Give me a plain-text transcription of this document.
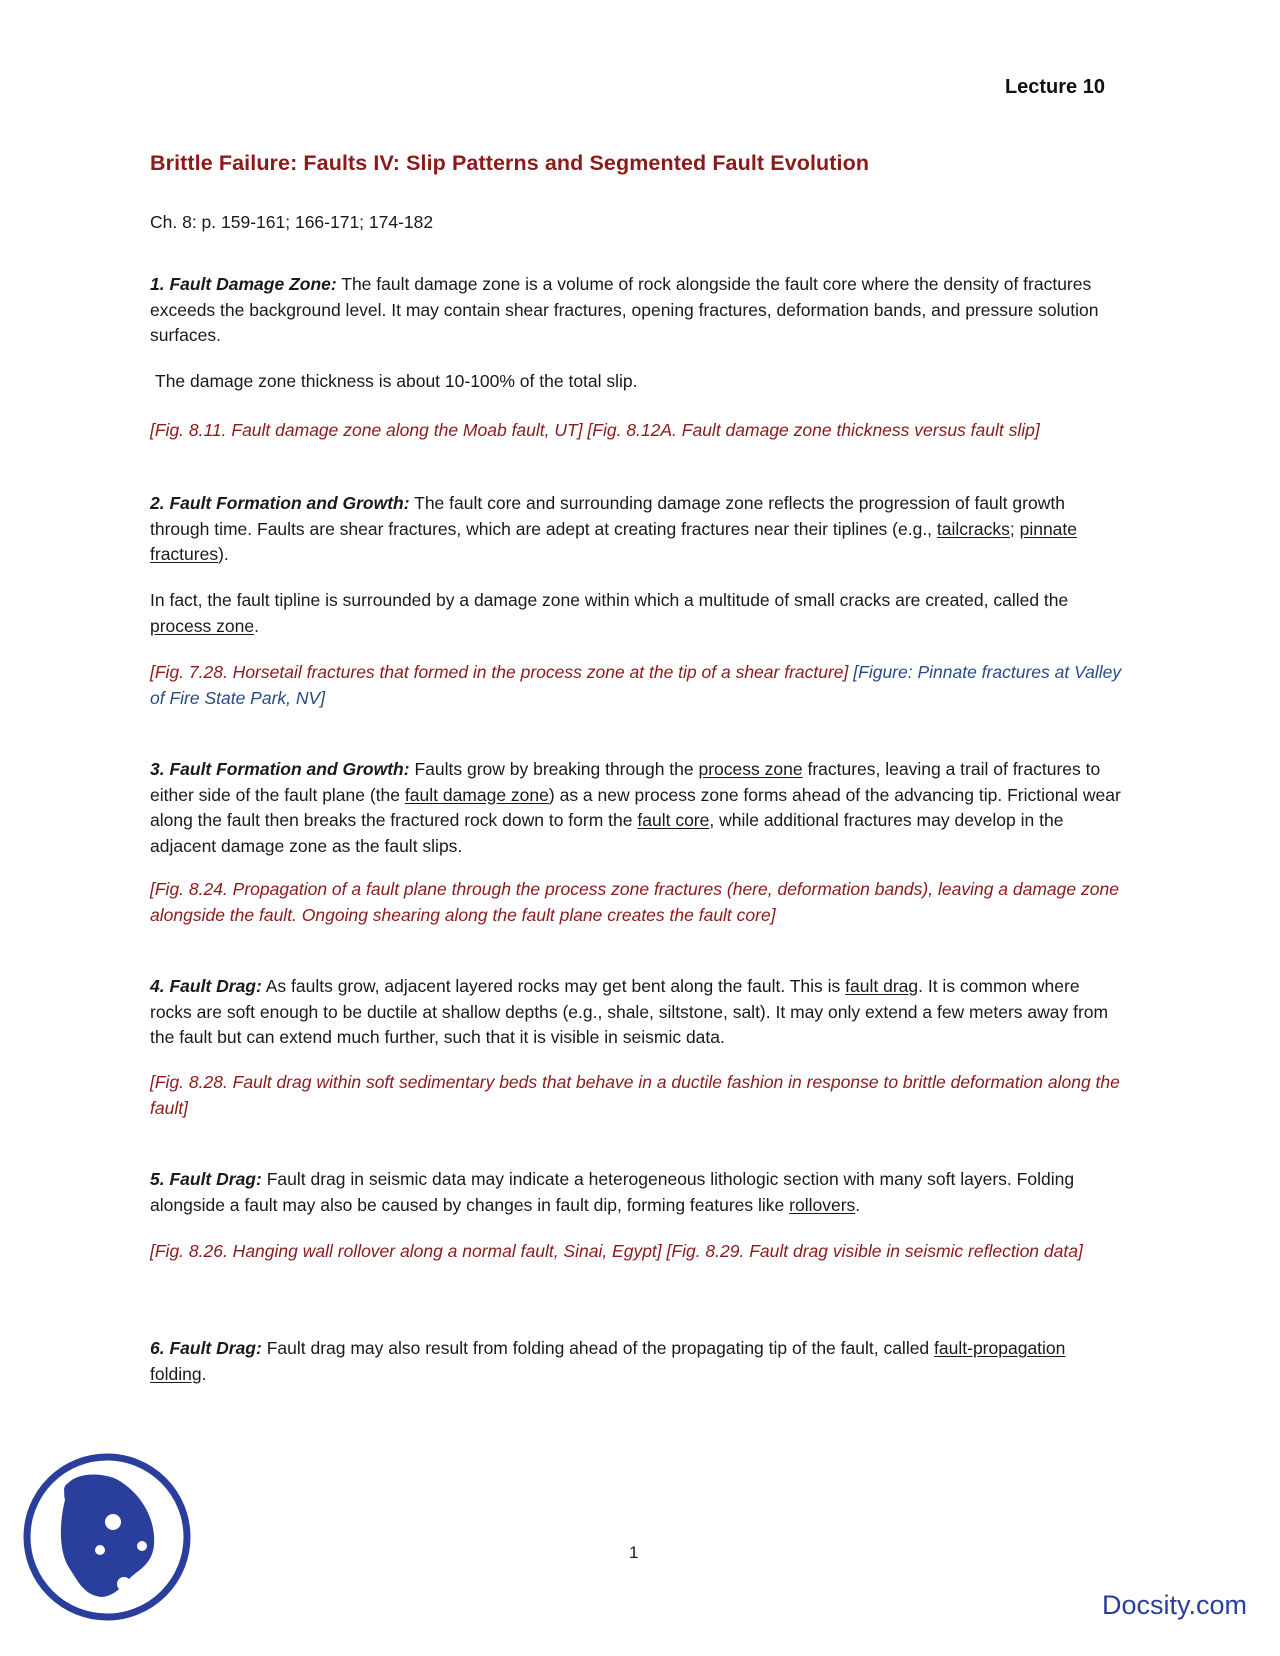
Lecture 10
Brittle Failure: Faults IV: Slip Patterns and Segmented Fault Evolution
Ch. 8: p. 159-161; 166-171; 174-182

1. Fault Damage Zone: The fault damage zone is a volume of rock alongside the fault core where the density of fractures exceeds the background level. It may contain shear fractures, opening fractures, deformation bands, and pressure solution surfaces.

The damage zone thickness is about 10-100% of the total slip.

[Fig. 8.11. Fault damage zone along the Moab fault, UT] [Fig. 8.12A. Fault damage zone thickness versus fault slip]

2. Fault Formation and Growth: The fault core and surrounding damage zone reflects the progression of fault growth through time. Faults are shear fractures, which are adept at creating fractures near their tiplines (e.g., tailcracks; pinnate fractures).

In fact, the fault tipline is surrounded by a damage zone within which a multitude of small cracks are created, called the process zone.

[Fig. 7.28. Horsetail fractures that formed in the process zone at the tip of a shear fracture] [Figure: Pinnate fractures at Valley of Fire State Park, NV]

3. Fault Formation and Growth: Faults grow by breaking through the process zone fractures, leaving a trail of fractures to either side of the fault plane (the fault damage zone) as a new process zone forms ahead of the advancing tip. Frictional wear along the fault then breaks the fractured rock down to form the fault core, while additional fractures may develop in the adjacent damage zone as the fault slips.

[Fig. 8.24. Propagation of a fault plane through the process zone fractures (here, deformation bands), leaving a damage zone alongside the fault. Ongoing shearing along the fault plane creates the fault core]

4. Fault Drag: As faults grow, adjacent layered rocks may get bent along the fault. This is fault drag. It is common where rocks are soft enough to be ductile at shallow depths (e.g., shale, siltstone, salt). It may only extend a few meters away from the fault but can extend much further, such that it is visible in seismic data.

[Fig. 8.28. Fault drag within soft sedimentary beds that behave in a ductile fashion in response to brittle deformation along the fault]

5. Fault Drag: Fault drag in seismic data may indicate a heterogeneous lithologic section with many soft layers. Folding alongside a fault may also be caused by changes in fault dip, forming features like rollovers.

[Fig. 8.26. Hanging wall rollover along a normal fault, Sinai, Egypt] [Fig. 8.29. Fault drag visible in seismic reflection data]

6. Fault Drag: Fault drag may also result from folding ahead of the propagating tip of the fault, called fault-propagation folding.

1
Docsity.com
